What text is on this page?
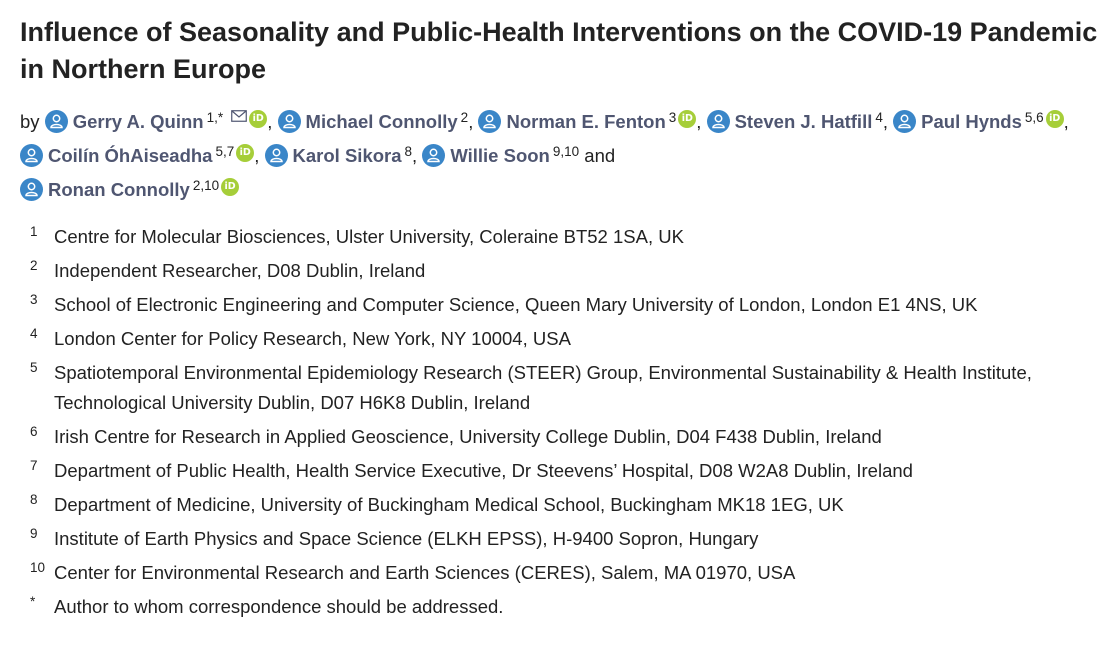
Influence of Seasonality and Public-Health Interventions on the COVID-19 Pandemic in Northern Europe
by Gerry A. Quinn $^{1,*}$	iD , Michael Connolly $^2$, Norman E. Fenton $^3$ iD , Steven J. Hatfill $^4$, Paul Hynds $^{5,6}$ iD ,
Coilín ÓhAiseadha $^{5,7}$ iD , Karol Sikora $^8$, Willie Soon $^{9,10}$ and

Ronan Connolly $^{2,10}$ iD
1 Centre for Molecular Biosciences, Ulster University, Coleraine BT52 1SA, UK
2 Independent Researcher, D08 Dublin, Ireland
3 School of Electronic Engineering and Computer Science, Queen Mary University of London, London E1 4NS, UK
4 London Center for Policy Research, New York, NY 10004, USA
5 Spatiotemporal Environmental Epidemiology Research (STEER) Group, Environmental Sustainability & Health Institute, Technological University Dublin, D07 H6K8 Dublin, Ireland
6 Irish Centre for Research in Applied Geoscience, University College Dublin, D04 F438 Dublin, Ireland
7 Department of Public Health, Health Service Executive, Dr Steevens’ Hospital, D08 W2A8 Dublin, Ireland
8 Department of Medicine, University of Buckingham Medical School, Buckingham MK18 1EG, UK
9 Institute of Earth Physics and Space Science (ELKH EPSS), H-9400 Sopron, Hungary
10 Center for Environmental Research and Earth Sciences (CERES), Salem, MA 01970, USA
*	Author to whom correspondence should be addressed.
